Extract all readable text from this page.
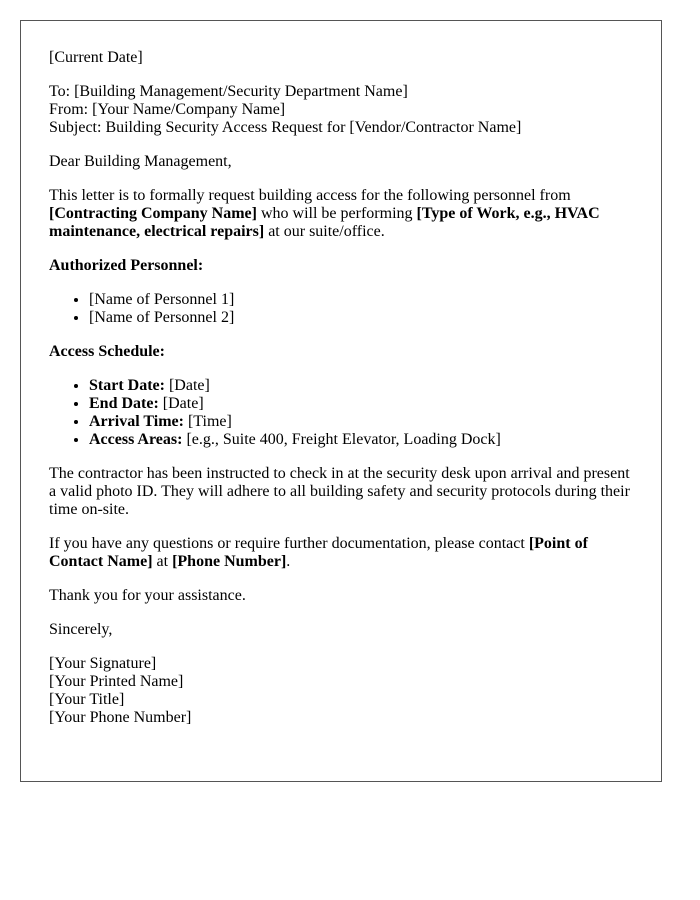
[Current Date]

To: [Building Management/Security Department Name]
From: [Your Name/Company Name]
Subject: Building Security Access Request for [Vendor/Contractor Name]

Dear Building Management,

This letter is to formally request building access for the following personnel from [Contracting Company Name] who will be performing [Type of Work, e.g., HVAC maintenance, electrical repairs] at our suite/office.

Authorized Personnel:

• [Name of Personnel 1]
• [Name of Personnel 2]

Access Schedule:

• Start Date: [Date]
• End Date: [Date]
• Arrival Time: [Time]
• Access Areas: [e.g., Suite 400, Freight Elevator, Loading Dock]

The contractor has been instructed to check in at the security desk upon arrival and present a valid photo ID. They will adhere to all building safety and security protocols during their time on-site.

If you have any questions or require further documentation, please contact [Point of Contact Name] at [Phone Number].

Thank you for your assistance.

Sincerely,

[Your Signature]
[Your Printed Name]
[Your Title]
[Your Phone Number]
